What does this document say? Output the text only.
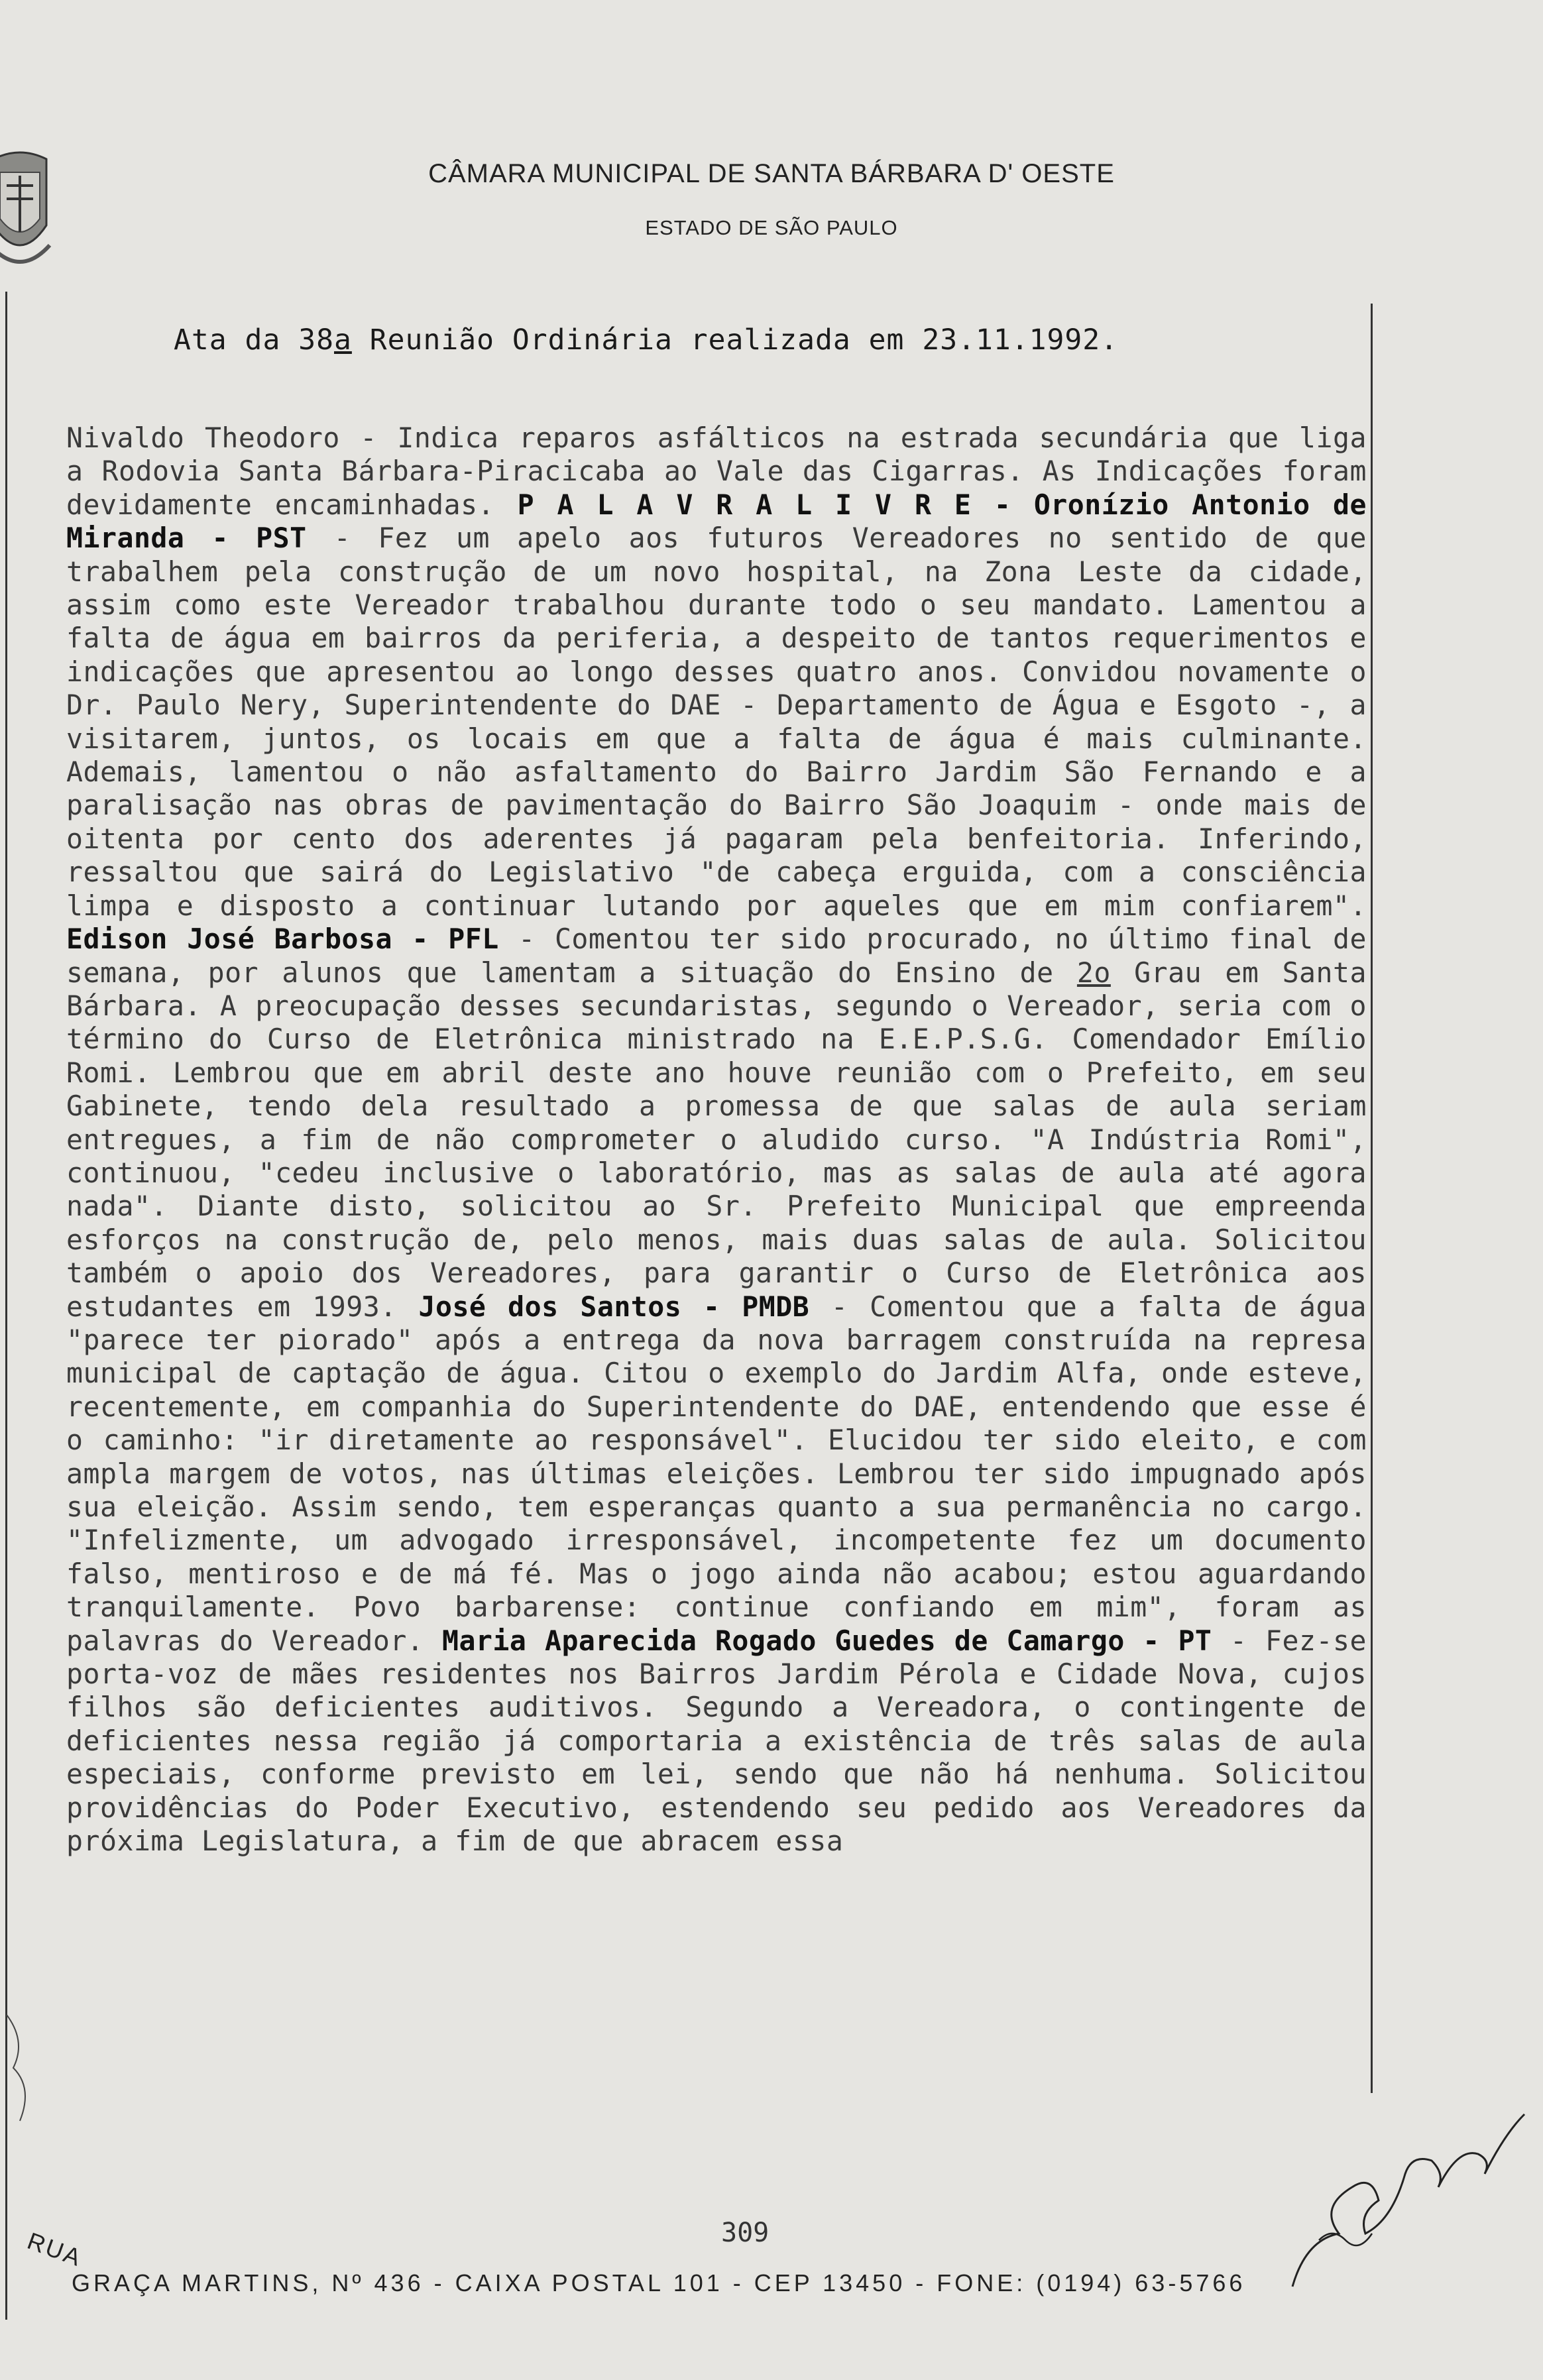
CÂMARA MUNICIPAL DE SANTA BÁRBARA D' OESTE
ESTADO DE SÃO PAULO
Ata da 38a Reunião Ordinária realizada em 23.11.1992.
Nivaldo Theodoro - Indica reparos asfálticos na estrada secundária que liga a Rodovia Santa Bárbara-Piracicaba ao Vale das Cigarras. As Indicações foram devidamente encaminhadas. P A L A V R A L I V R E - Oronízio Antonio de Miranda - PST - Fez um apelo aos futuros Vereadores no sentido de que trabalhem pela construção de um novo hospital, na Zona Leste da cidade, assim como este Vereador trabalhou durante todo o seu mandato. Lamentou a falta de água em bairros da periferia, a despeito de tantos requerimentos e indicações que apresentou ao longo desses quatro anos. Convidou novamente o Dr. Paulo Nery, Superintendente do DAE - Departamento de Água e Esgoto -, a visitarem, juntos, os locais em que a falta de água é mais culminante. Ademais, lamentou o não asfaltamento do Bairro Jardim São Fernando e a paralisação nas obras de pavimentação do Bairro São Joaquim - onde mais de oitenta por cento dos aderentes já pagaram pela benfeitoria. Inferindo, ressaltou que sairá do Legislativo "de cabeça erguida, com a consciência limpa e disposto a continuar lutando por aqueles que em mim confiarem". Edison José Barbosa - PFL - Comentou ter sido procurado, no último final de semana, por alunos que lamentam a situação do Ensino de 2o Grau em Santa Bárbara. A preocupação desses secundaristas, segundo o Vereador, seria com o término do Curso de Eletrônica ministrado na E.E.P.S.G. Comendador Emílio Romi. Lembrou que em abril deste ano houve reunião com o Prefeito, em seu Gabinete, tendo dela resultado a promessa de que salas de aula seriam entregues, a fim de não comprometer o aludido curso. "A Indústria Romi", continuou, "cedeu inclusive o laboratório, mas as salas de aula até agora nada". Diante disto, solicitou ao Sr. Prefeito Municipal que empreenda esforços na construção de, pelo menos, mais duas salas de aula. Solicitou também o apoio dos Vereadores, para garantir o Curso de Eletrônica aos estudantes em 1993. José dos Santos - PMDB - Comentou que a falta de água "parece ter piorado" após a entrega da nova barragem construída na represa municipal de captação de água. Citou o exemplo do Jardim Alfa, onde esteve, recentemente, em companhia do Superintendente do DAE, entendendo que esse é o caminho: "ir diretamente ao responsável". Elucidou ter sido eleito, e com ampla margem de votos, nas últimas eleições. Lembrou ter sido impugnado após sua eleição. Assim sendo, tem esperanças quanto a sua permanência no cargo. "Infelizmente, um advogado irresponsável, incompetente fez um documento falso, mentiroso e de má fé. Mas o jogo ainda não acabou; estou aguardando tranquilamente. Povo barbarense: continue confiando em mim", foram as palavras do Vereador. Maria Aparecida Rogado Guedes de Camargo - PT - Fez-se porta-voz de mães residentes nos Bairros Jardim Pérola e Cidade Nova, cujos filhos são deficientes auditivos. Segundo a Vereadora, o contingente de deficientes nessa região já comportaria a existência de três salas de aula especiais, conforme previsto em lei, sendo que não há nenhuma. Solicitou providências do Poder Executivo, estendendo seu pedido aos Vereadores da próxima Legislatura, a fim de que abracem essa
309
RUA
GRAÇA MARTINS, Nº 436 - CAIXA POSTAL 101 - CEP 13450 - FONE: (0194) 63-5766
